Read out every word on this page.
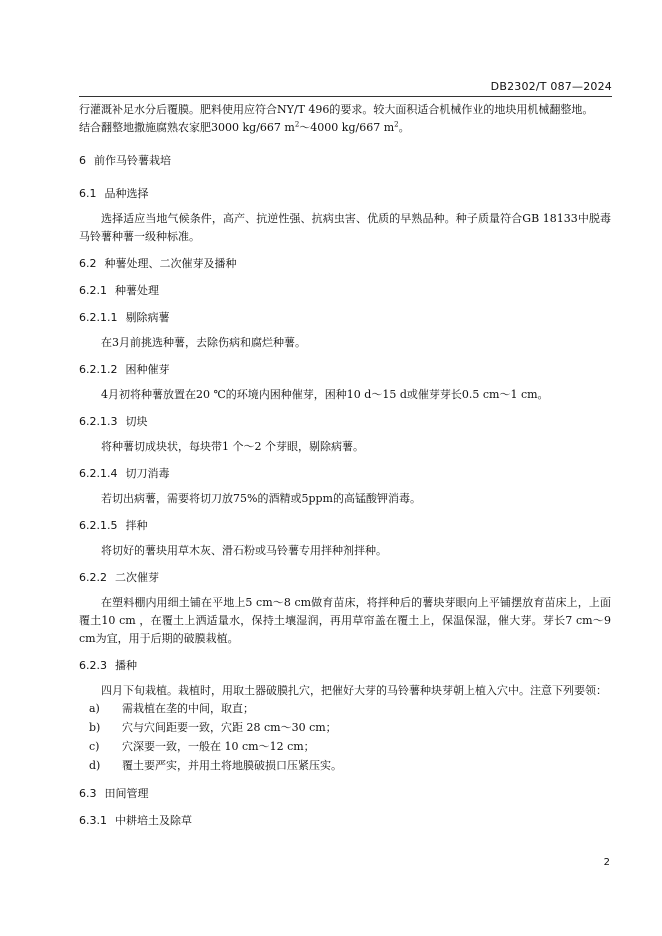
DB2302/T 087—2024

行灌溉补足水分后覆膜。肥料使用应符合NY/T 496的要求。较大面积适合机械作业的地块用机械翻整地。
结合翻整地撒施腐熟农家肥3000 kg/667 $m^2\sim 4000$ kg/667 $m^2$。

6 前作马铃薯栽培
6.1 品种选择

选择适应当地气候条件，高产、抗逆性强、抗病虫害、优质的早熟品种。种子质量符合GB 18133中脱毒马铃薯种薯一级种标准。

6.2 种薯处理、二次催芽及播种
6.2.1 种薯处理
6.2.1.1 剔除病薯

在3月前挑选种薯，去除伤病和腐烂种薯。

6.2.1.2 困种催芽

4月初将种薯放置在20 ℃的环境内困种催芽，困种10 d～15 d或催芽芽长0.5 cm～1 cm。

6.2.1.3 切块

将种薯切成块状，每块带1 个～2 个芽眼，剔除病薯。

6.2.1.4 切刀消毒

若切出病薯，需要将切刀放75%的酒精或5ppm的高锰酸钾消毒。

6.2.1.5 拌种

将切好的薯块用草木灰、滑石粉或马铃薯专用拌种剂拌种。

6.2.2 二次催芽

在塑料棚内用细土铺在平地上5 cm～8 cm做育苗床，将拌种后的薯块芽眼向上平铺摆放育苗床上，上面覆土10 cm ，在覆土上洒适量水，保持土壤湿润，再用草帘盖在覆土上，保温保湿，催大芽。芽长7 cm～9 cm为宜，用于后期的破膜栽植。

6.2.3 播种

四月下旬栽植。栽植时，用取土器破膜扎穴，把催好大芽的马铃薯种块芽朝上植入穴中。注意下列要领：

a) 需栽植在垄的中间，取直；
b) 穴与穴间距要一致，穴距 28 cm～30 cm；
c) 穴深要一致，一般在 10 cm～12 cm；
d) 覆土要严实，并用土将地膜破损口压紧压实。
6.3 田间管理
6.3.1 中耕培土及除草
2
